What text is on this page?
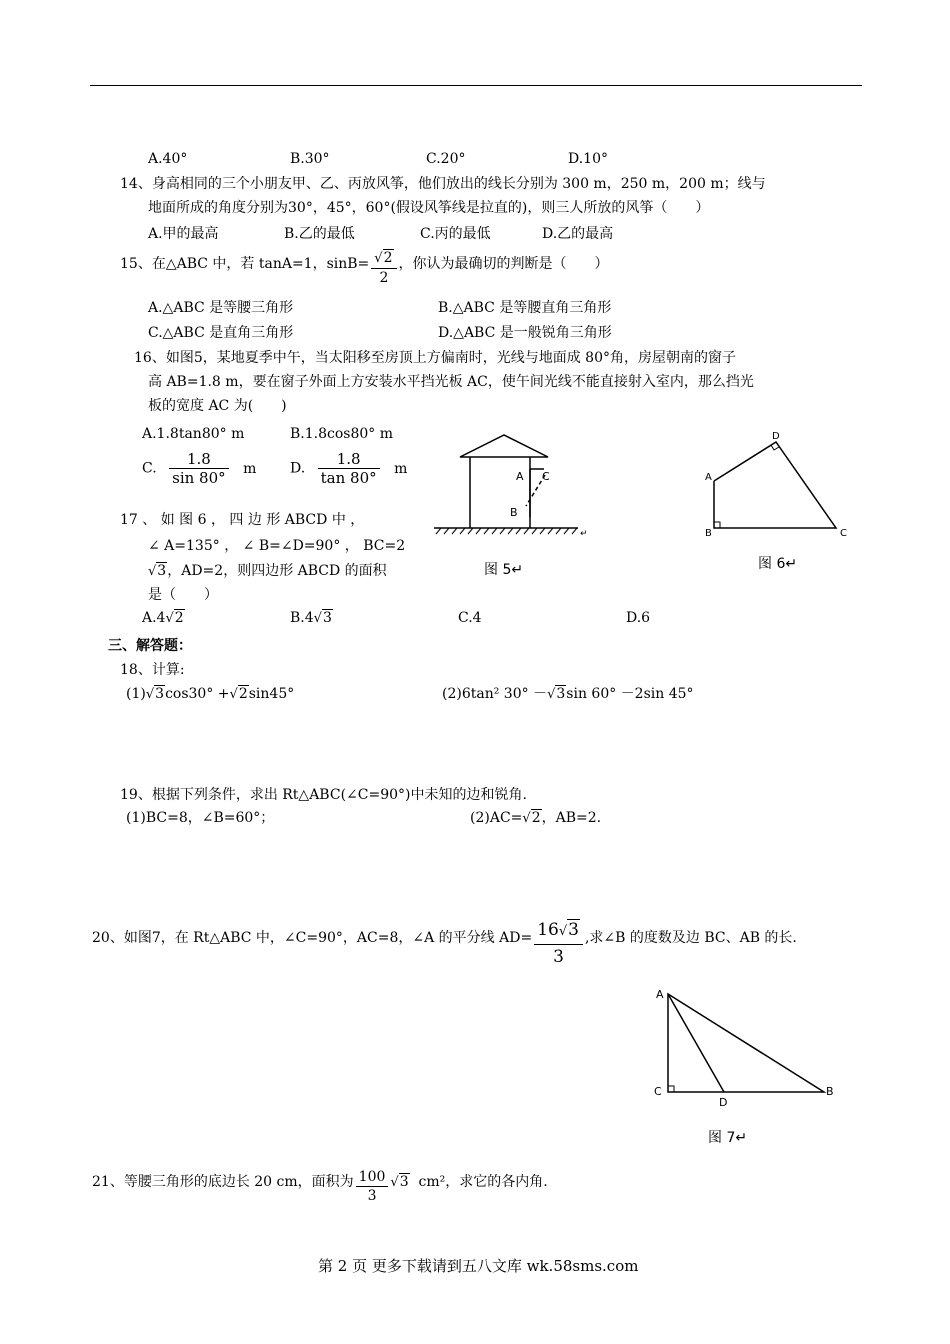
A.40°	B.30°	C.20°	D.10°
14、身高相同的三个小朋友甲、乙、丙放风筝，他们放出的线长分别为 300 m，250 m，200 m；线与
地面所成的角度分别为30°，45°，60°(假设风筝线是拉直的)，则三人所放的风筝（　　）
A.甲的最高	B.乙的最低	C.丙的最低	D.乙的最高
15、在△ABC 中，若 tanA=1，$\sin B= \frac{√2}{2}$ ，你认为最确切的判断是（　　）
A.△ABC 是等腰三角形	B.△ABC 是等腰直角三角形
C.△ABC 是直角三角形	D.△ABC 是一般锐角三角形
16、如图5，某地夏季中午，当太阳移至房顶上方偏南时，光线与地面成 80°角，房屋朝南的窗子
高 AB=1.8 m，要在窗子外面上方安装水平挡光板 AC，使午间光线不能直接射入室内，那么挡光
板的宽度 AC 为(　　)
A.1.8tan80° m	B.1.8cos80° m
C. $\frac{1.8}{\sin 80^\circ}$ m D. $\frac{1.8}{\tan 80^\circ}$ m	A C
B
↵
图 5↵
D
A
B	C
图 6↵
17 、 如 图 6 ， 四 边 形 ABCD 中 ，
∠ A=135° ， ∠ B=∠D=90° ， BC=2
√3，AD=2，则四边形 ABCD 的面积
是（　　）
A.4√2	B.4√3	C.4	D.6
三、解答题：
18、计算:
(1)√3cos30° +√2sin45°	(2)6tan² 30° －√3sin 60° －2sin 45°
19、根据下列条件，求出 Rt△ABC(∠C=90°)中未知的边和锐角.
(1)BC=8，∠B=60°；	(2)AC=√2，AB=2.
20、如图7，在 Rt△ABC 中，∠C=90°，AC=8，∠A 的平分线 $AD= \frac{16√3}{3}$ ,求∠B 的度数及边 BC、AB 的长.
A
C
D
B
图 7↵
21、等腰三角形的底边长 20 cm，面积为 $\frac{100}{3} √3$ cm²，求它的各内角.
第 2 页 更多下载请到五八文库 wk.58sms.com
